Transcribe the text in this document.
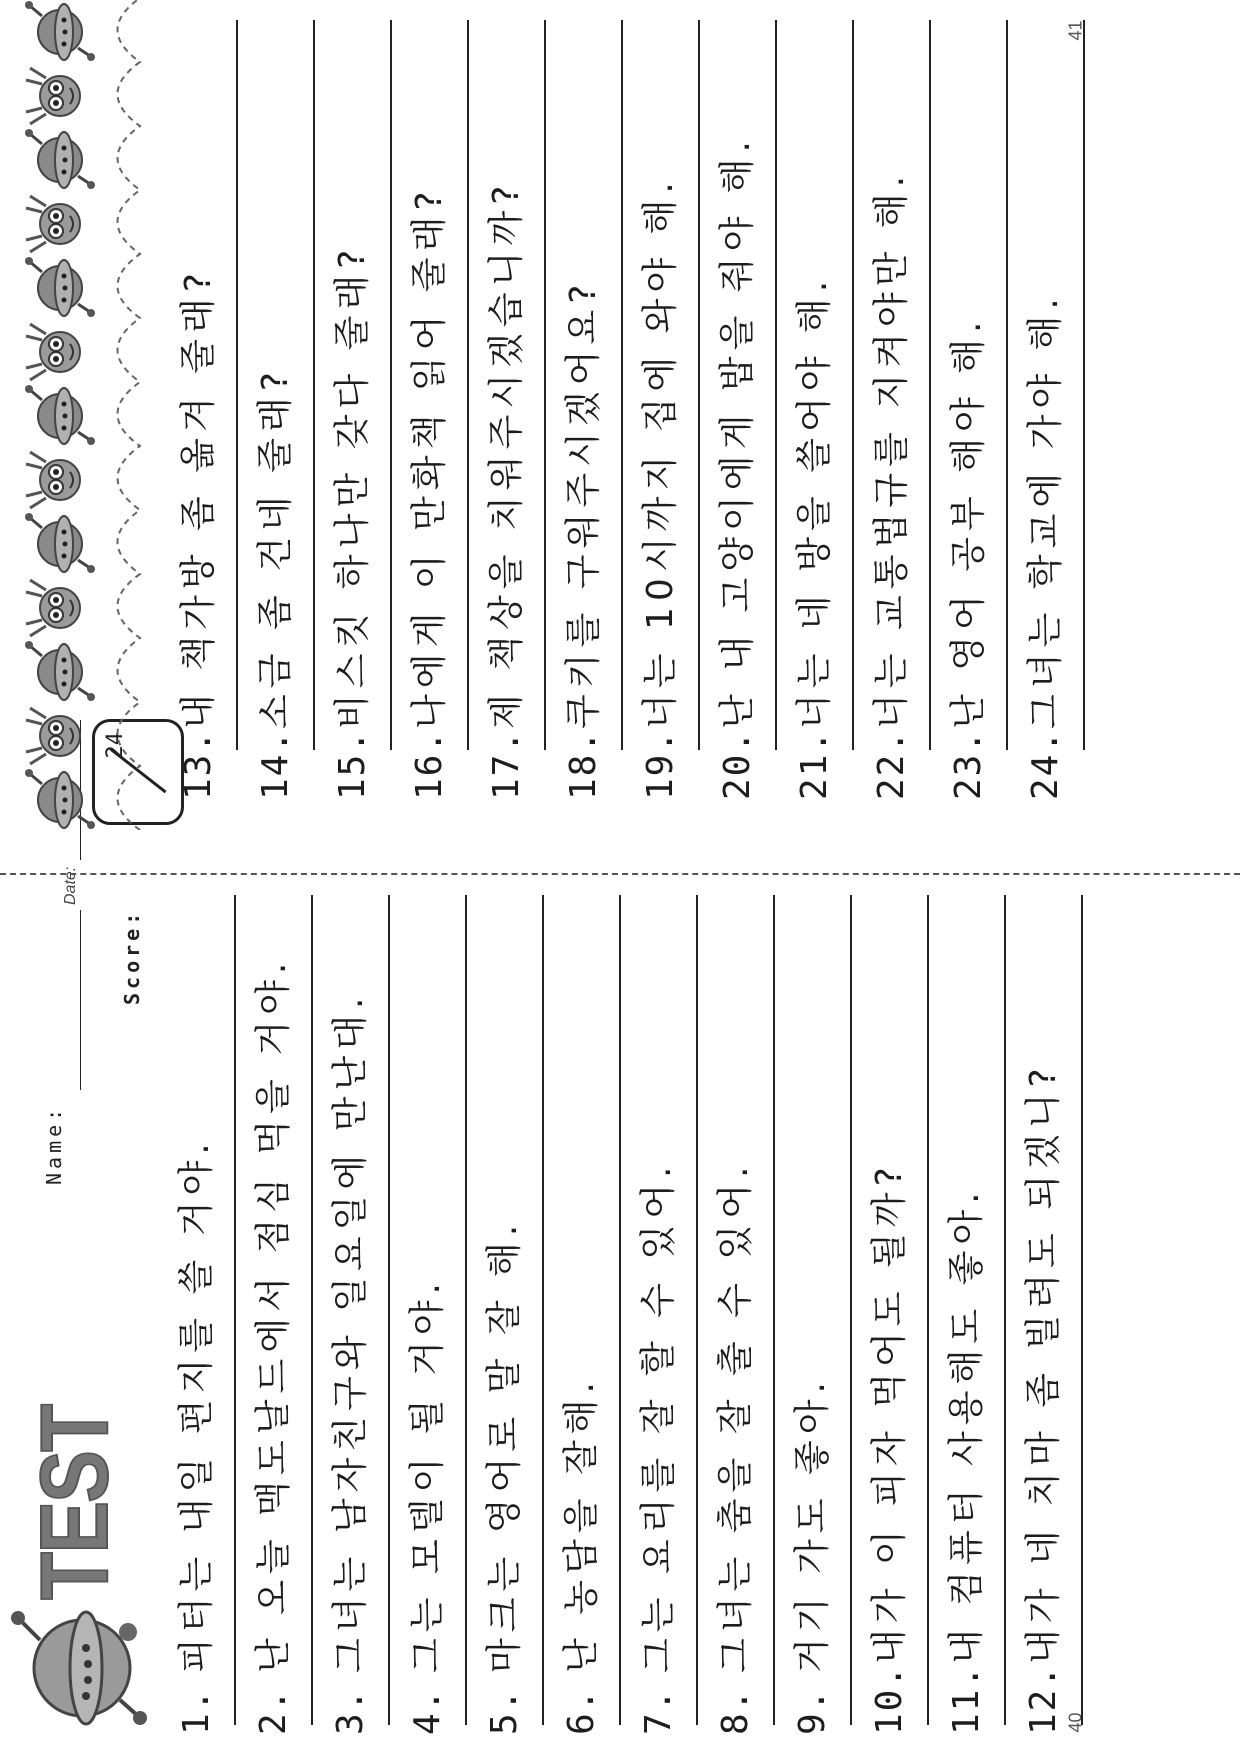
40
41
TEST
Name:
Date:
Score:
24
1.피터는 내일 편지를 쓸 거야.
2.난 오늘 맥도날드에서 점심 먹을 거야.
3.그녀는 남자친구와 일요일에 만난대.
4.그는 모델이 될 거야.
5.마크는 영어로 말 잘 해.
6.난 농담을 잘해.
7.그는 요리를 잘 할 수 있어.
8.그녀는 춤을 잘 출 수 있어.
9.거기 가도 좋아.
10.내가 이 피자 먹어도 될까?
11.내 컴퓨터 사용해도 좋아.
12.내가 네 치마 좀 빌려도 되겠니?
13.내 책가방 좀 옮겨 줄래?
14.소금 좀 건네 줄래?
15.비스킷 하나만 갖다 줄래?
16.나에게 이 만화책 읽어 줄래?
17.제 책상을 치워주시겠습니까?
18.쿠키를 구워주시겠어요?
19.너는 10시까지 집에 와야 해.
20.난 내 고양이에게 밥을 줘야 해.
21.너는 네 방을 쓸어야 해.
22.너는 교통법규를 지켜야만 해.
23.난 영어 공부 해야 해.
24.그녀는 학교에 가야 해.
